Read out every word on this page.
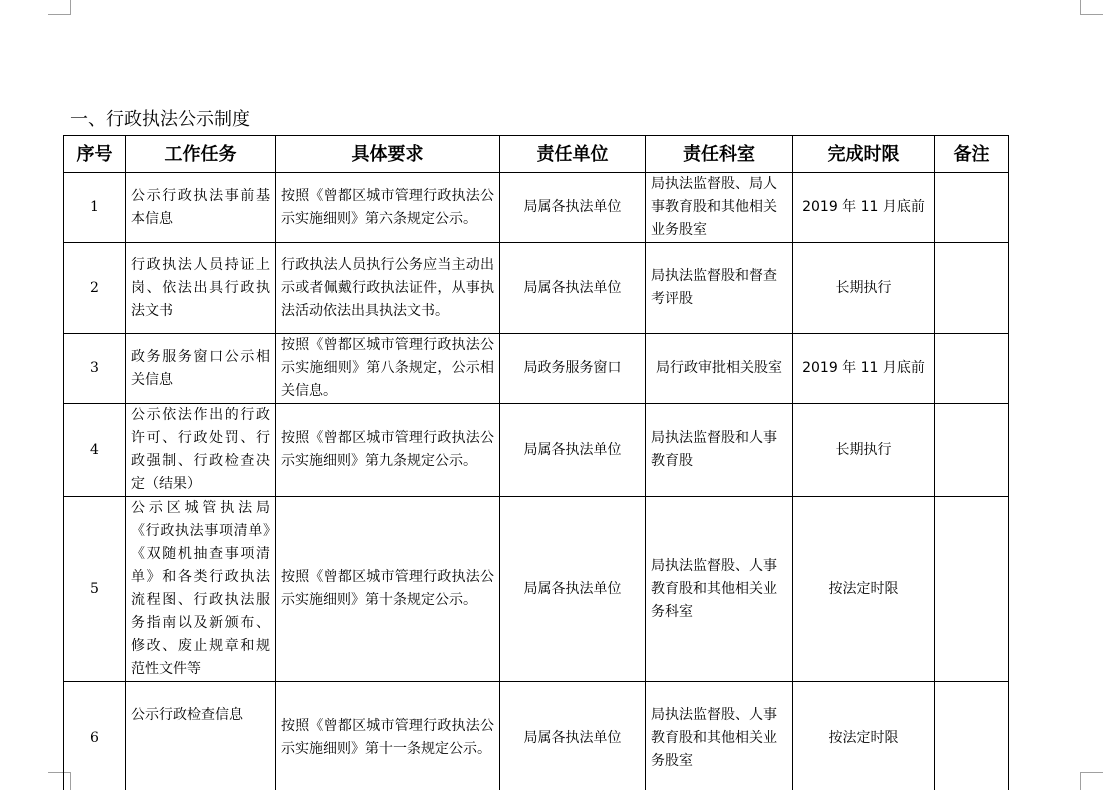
一、行政执法公示制度
序号	工作任务	具体要求	责任单位	责任科室	完成时限	备注
1	公示行政执法事前基本信息	按照《曾都区城市管理行政执法公示实施细则》第六条规定公示。	局属各执法单位	局执法监督股、局人事教育股和其他相关业务股室	2019 年 11 月底前	
2	行政执法人员持证上岗、依法出具行政执法文书	行政执法人员执行公务应当主动出示或者佩戴行政执法证件，从事执法活动依法出具执法文书。	局属各执法单位	局执法监督股和督查考评股	长期执行	
3	政务服务窗口公示相关信息	按照《曾都区城市管理行政执法公示实施细则》第八条规定，公示相关信息。	局政务服务窗口	局行政审批相关股室	2019 年 11 月底前	
4	公示依法作出的行政许可、行政处罚、行政强制、行政检查决定（结果）	按照《曾都区城市管理行政执法公示实施细则》第九条规定公示。	局属各执法单位	局执法监督股和人事教育股	长期执行	
5	公示区城管执法局《行政执法事项清单》《双随机抽查事项清单》和各类行政执法流程图、行政执法服务指南以及新颁布、修改、废止规章和规范性文件等	按照《曾都区城市管理行政执法公示实施细则》第十条规定公示。	局属各执法单位	局执法监督股、人事教育股和其他相关业务科室	按法定时限	
6	公示行政检查信息	按照《曾都区城市管理行政执法公示实施细则》第十一条规定公示。	局属各执法单位	局执法监督股、人事教育股和其他相关业务股室	按法定时限	
